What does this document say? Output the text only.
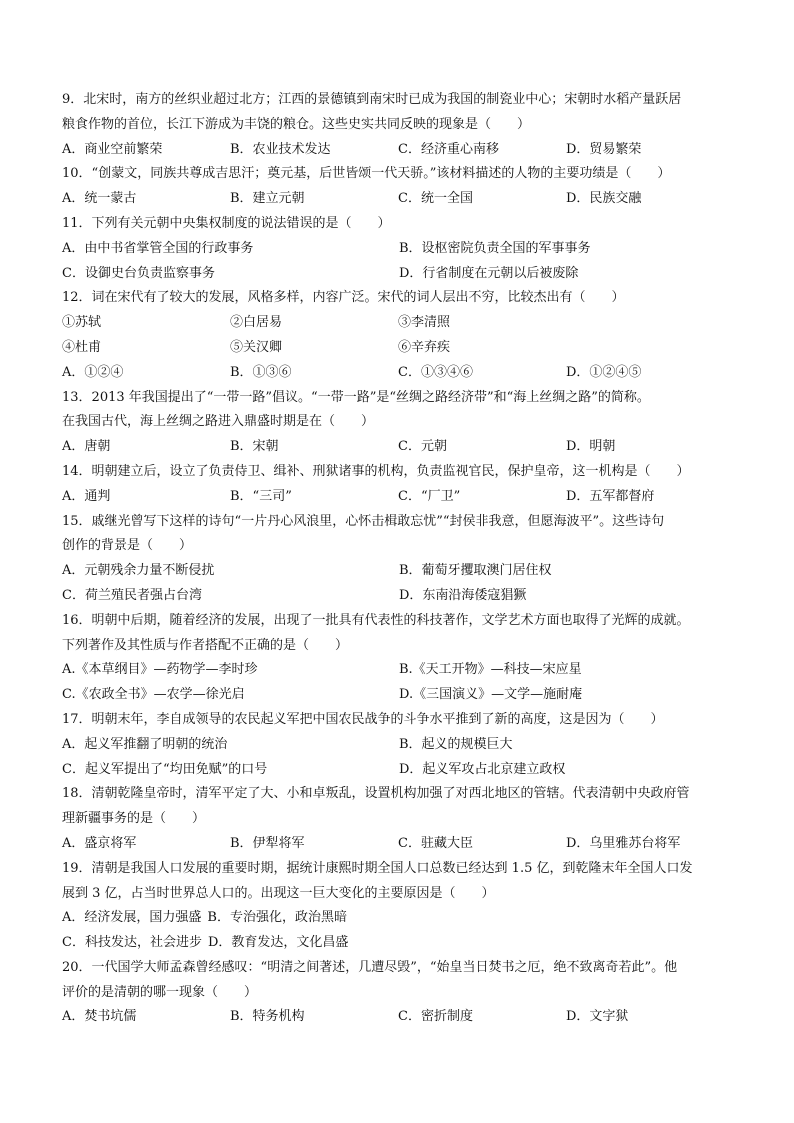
9．北宋时，南方的丝织业超过北方；江西的景德镇到南宋时已成为我国的制瓷业中心；宋朝时水稻产量跃居
粮食作物的首位，长江下游成为丰饶的粮仓。这些史实共同反映的现象是（　　）
A．商业空前繁荣	B．农业技术发达	C．经济重心南移	D．贸易繁荣
10．“创蒙文，同族共尊成吉思汗；奠元基，后世皆颂一代天骄。”该材料描述的人物的主要功绩是（　　）
A．统一蒙古	B．建立元朝	C．统一全国	D．民族交融
11．下列有关元朝中央集权制度的说法错误的是（　　）
A．由中书省掌管全国的行政事务	B．设枢密院负责全国的军事事务
C．设御史台负责监察事务	D．行省制度在元朝以后被废除
12．词在宋代有了较大的发展，风格多样，内容广泛。宋代的词人层出不穷，比较杰出有（　　）
①苏轼	②白居易	③李清照
④杜甫	⑤关汉卿	⑥辛弃疾
A．①②④	B．①③⑥	C．①③④⑥	D．①②④⑤
13．2013 年我国提出了“一带一路”倡议。“一带一路”是“丝绸之路经济带”和“海上丝绸之路”的简称。
在我国古代，海上丝绸之路进入鼎盛时期是在（　　）
A．唐朝	B．宋朝	C．元朝	D．明朝
14．明朝建立后，设立了负责侍卫、缉补、刑狱诸事的机构，负责监视官民，保护皇帝，这一机构是（　　）
A．通判	B．“三司”	C．“厂卫”	D．五军都督府
15．戚继光曾写下这样的诗句“一片丹心风浪里，心怀击楫敢忘忧”“封侯非我意，但愿海波平”。这些诗句
创作的背景是（　　）
A．元朝残余力量不断侵扰	B．葡萄牙攫取澳门居住权
C．荷兰殖民者强占台湾	D．东南沿海倭寇猖獗
16．明朝中后期，随着经济的发展，出现了一批具有代表性的科技著作，文学艺术方面也取得了光辉的成就。
下列著作及其性质与作者搭配不正确的是（　　）
A.《本草纲目》—药物学—李时珍	B.《天工开物》—科技—宋应星
C.《农政全书》—农学—徐光启	D.《三国演义》—文学—施耐庵
17．明朝末年，李自成领导的农民起义军把中国农民战争的斗争水平推到了新的高度，这是因为（　　）
A．起义军推翻了明朝的统治	B．起义的规模巨大
C．起义军提出了“均田免赋”的口号	D．起义军攻占北京建立政权
18．清朝乾隆皇帝时，清军平定了大、小和卓叛乱，设置机构加强了对西北地区的管辖。代表清朝中央政府管
理新疆事务的是（　　）
A．盛京将军	B．伊犁将军	C．驻藏大臣	D．乌里雅苏台将军
19．清朝是我国人口发展的重要时期，据统计康熙时期全国人口总数已经达到 1.5 亿，到乾隆末年全国人口发
展到 3 亿，占当时世界总人口的。出现这一巨大变化的主要原因是（　　）
A．经济发展，国力强盛 B．专治强化，政治黑暗
C．科技发达，社会进步 D．教育发达，文化昌盛
20．一代国学大师孟森曾经感叹：“明清之间著述，几遭尽毁”，“始皇当日焚书之厄，绝不致离奇若此”。他
评价的是清朝的哪一现象（　　）
A．焚书坑儒	B．特务机构	C．密折制度	D．文字狱
